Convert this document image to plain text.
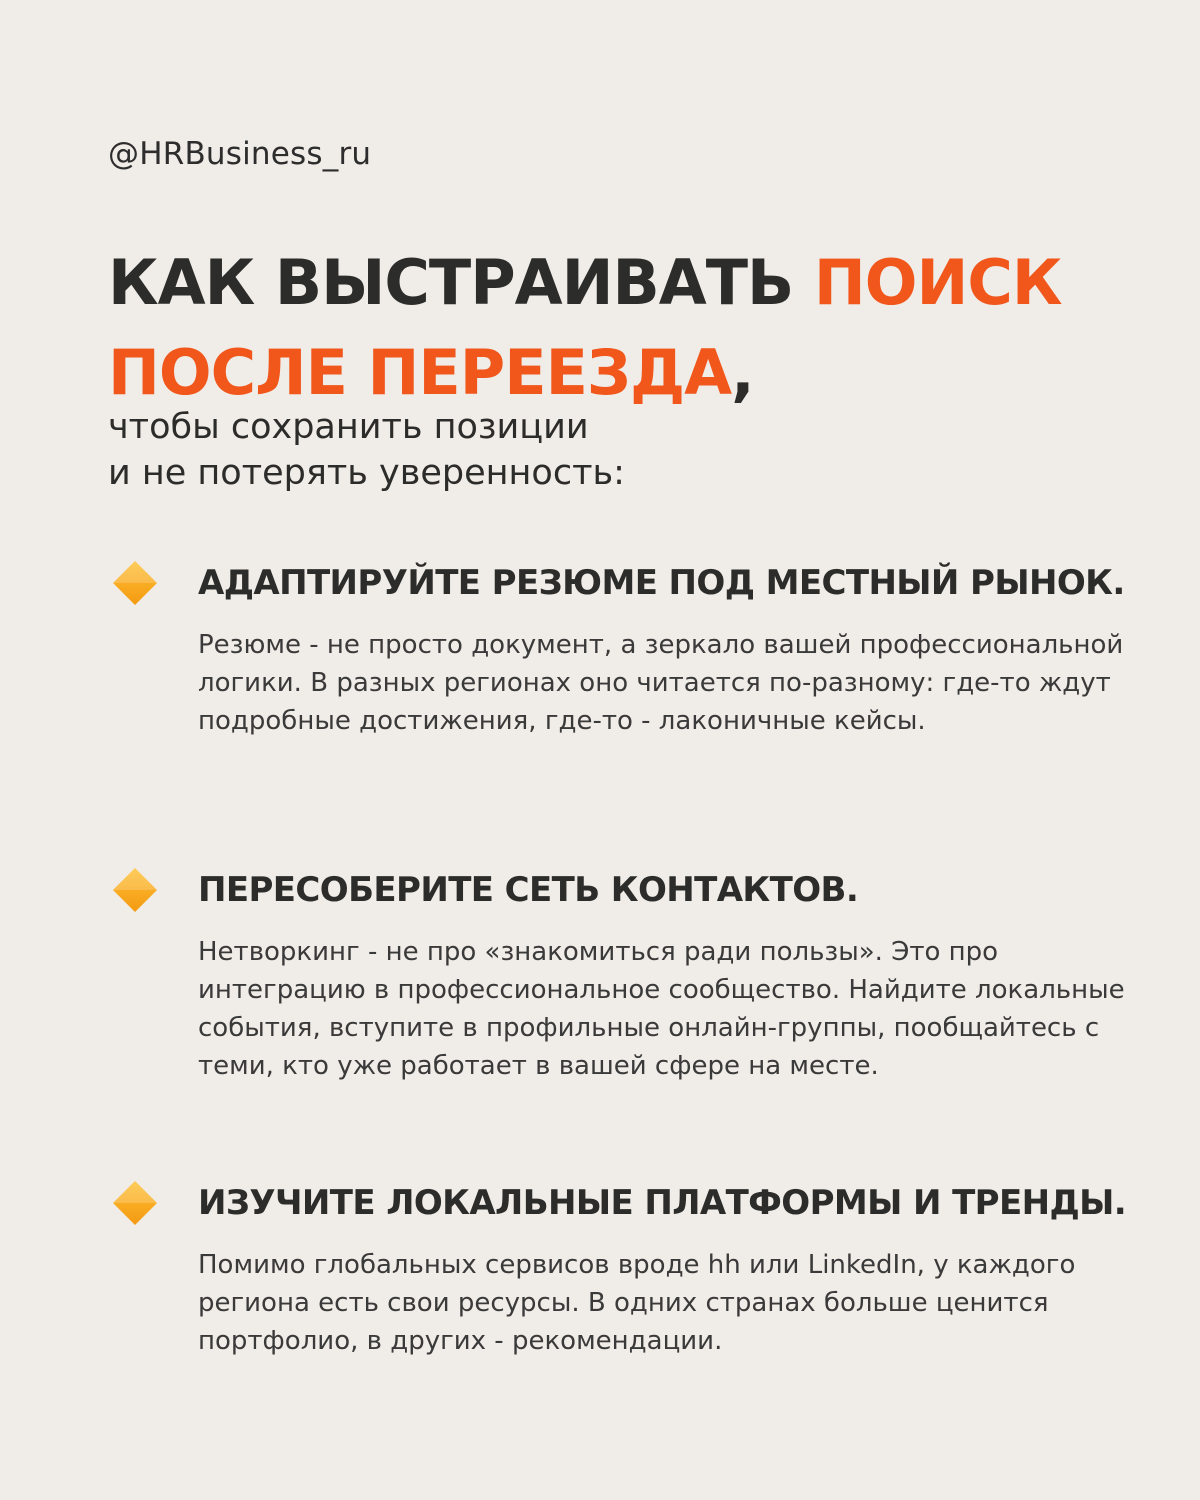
@HRBusiness_ru
КАК ВЫСТРАИВАТЬ ПОИСК
ПОСЛЕ ПЕРЕЕЗДА,
чтобы сохранить позиции
и не потерять уверенность:
АДАПТИРУЙТЕ РЕЗЮМЕ ПОД МЕСТНЫЙ РЫНОК.
Резюме - не просто документ, а зеркало вашей профессиональной логики. В разных регионах оно читается по-разному: где-то ждут подробные достижения, где-то - лаконичные кейсы.
ПЕРЕСОБЕРИТЕ СЕТЬ КОНТАКТОВ.
Нетворкинг - не про «знакомиться ради пользы». Это про интеграцию в профессиональное сообщество. Найдите локальные события, вступите в профильные онлайн-группы, пообщайтесь с теми, кто уже работает в вашей сфере на месте.
ИЗУЧИТЕ ЛОКАЛЬНЫЕ ПЛАТФОРМЫ И ТРЕНДЫ.
Помимо глобальных сервисов вроде hh или LinkedIn, у каждого региона есть свои ресурсы. В одних странах больше ценится портфолио, в других - рекомендации.
